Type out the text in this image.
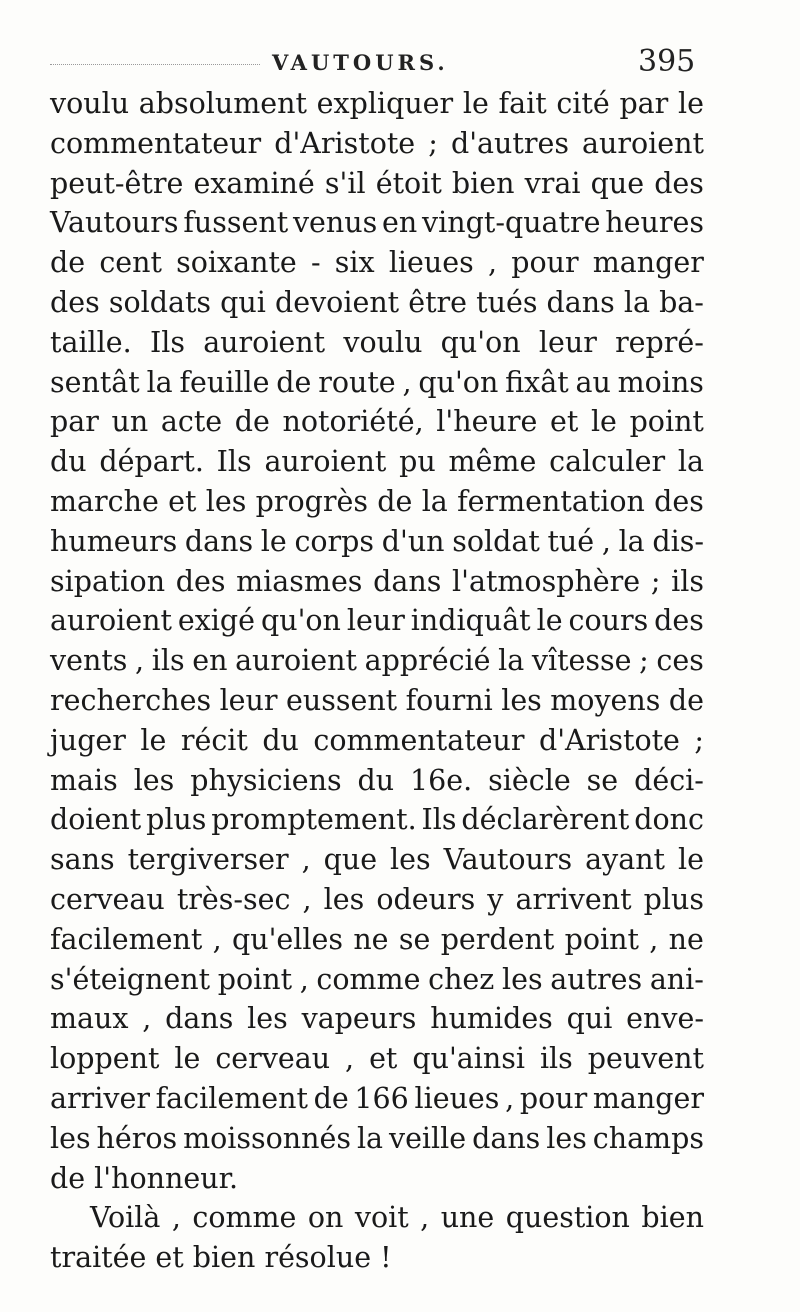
VAUTOURS.	395
voulu absolument expliquer le fait cité par le
commentateur d'Aristote ; d'autres auroient
peut-être examiné s'il étoit bien vrai que des
Vautours fussent venus en vingt-quatre heures
de cent soixante - six lieues , pour manger
des soldats qui devoient être tués dans la ba-
taille. Ils auroient voulu qu'on leur repré-
sentât la feuille de route , qu'on fixât au moins
par un acte de notoriété, l'heure et le point
du départ. Ils auroient pu même calculer la
marche et les progrès de la fermentation des
humeurs dans le corps d'un soldat tué , la dis-
sipation des miasmes dans l'atmosphère ; ils
auroient exigé qu'on leur indiquât le cours des
vents , ils en auroient apprécié la vîtesse ; ces
recherches leur eussent fourni les moyens de
juger le récit du commentateur d'Aristote ;
mais les physiciens du 16e. siècle se déci-
doient plus promptement. Ils déclarèrent donc
sans tergiverser , que les Vautours ayant le
cerveau très-sec , les odeurs y arrivent plus
facilement , qu'elles ne se perdent point , ne
s'éteignent point , comme chez les autres ani-
maux , dans les vapeurs humides qui enve-
loppent le cerveau , et qu'ainsi ils peuvent
arriver facilement de 166 lieues , pour manger
les héros moissonnés la veille dans les champs
de l'honneur.
Voilà , comme on voit , une question bien
traitée et bien résolue !
